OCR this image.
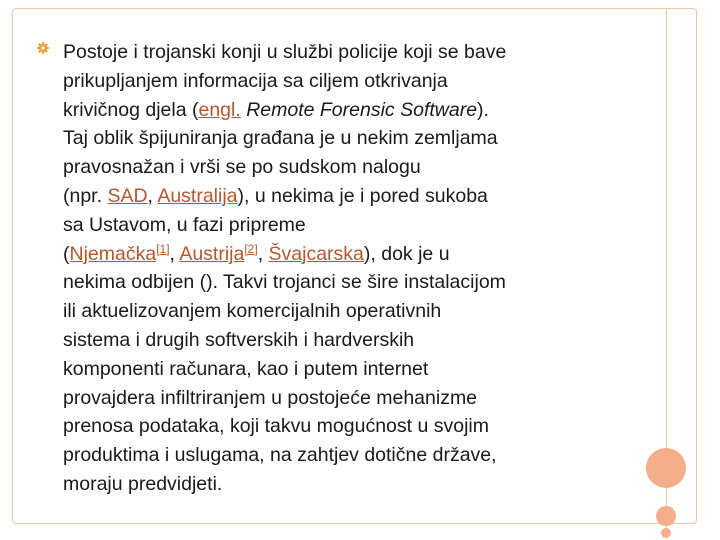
Postoje i trojanski konji u službi policije koji se bave
prikupljanjem informacija sa ciljem otkrivanja
krivičnog djela (engl. Remote Forensic Software).
Taj oblik špijuniranja građana je u nekim zemljama
pravosnažan i vrši se po sudskom nalogu
(npr. SAD, Australija), u nekima je i pored sukoba
sa Ustavom, u fazi pripreme
(Njemačka[1], Austrija[2], Švajcarska), dok je u
nekima odbijen (). Takvi trojanci se šire instalacijom
ili aktuelizovanjem komercijalnih operativnih
sistema i drugih softverskih i hardverskih
komponenti računara, kao i putem internet
provajdera infiltriranjem u postojeće mehanizme
prenosa podataka, koji takvu mogućnost u svojim
produktima i uslugama, na zahtjev dotične države,
moraju predvidjeti.
